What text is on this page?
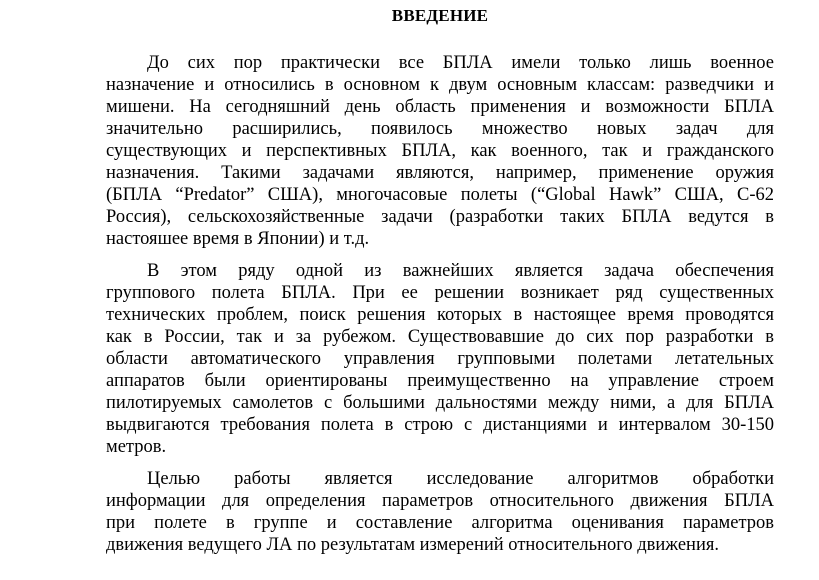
ВВЕДЕНИЕ

До сих пор практически все БПЛА имели только лишь военное
назначение и относились в основном к двум основным классам: разведчики и
мишени. На сегодняшний день область применения и возможности БПЛА
значительно расширились, появилось множество новых задач для
существующих и перспективных БПЛА, как военного, так и гражданского
назначения. Такими задачами являются, например, применение оружия
(БПЛА “Predator” США), многочасовые полеты (“Global Hawk” США, С-62
Россия), сельскохозяйственные задачи (разработки таких БПЛА ведутся в
настояшее время в Японии) и т.д.

В этом ряду одной из важнейших является задача обеспечения
группового полета БПЛА. При ее решении возникает ряд существенных
технических проблем, поиск решения которых в настоящее время проводятся
как в России, так и за рубежом. Существовавшие до сих пор разработки в
области автоматического управления групповыми полетами летательных
аппаратов были ориентированы преимущественно на управление строем
пилотируемых самолетов с большими дальностями между ними, а для БПЛА
выдвигаются требования полета в строю с дистанциями и интервалом 30-150
метров.

Целью работы является исследование алгоритмов обработки
информации для определения параметров относительного движения БПЛА
при полете в группе и составление алгоритма оценивания параметров
движения ведущего ЛА по результатам измерений относительного движения.
